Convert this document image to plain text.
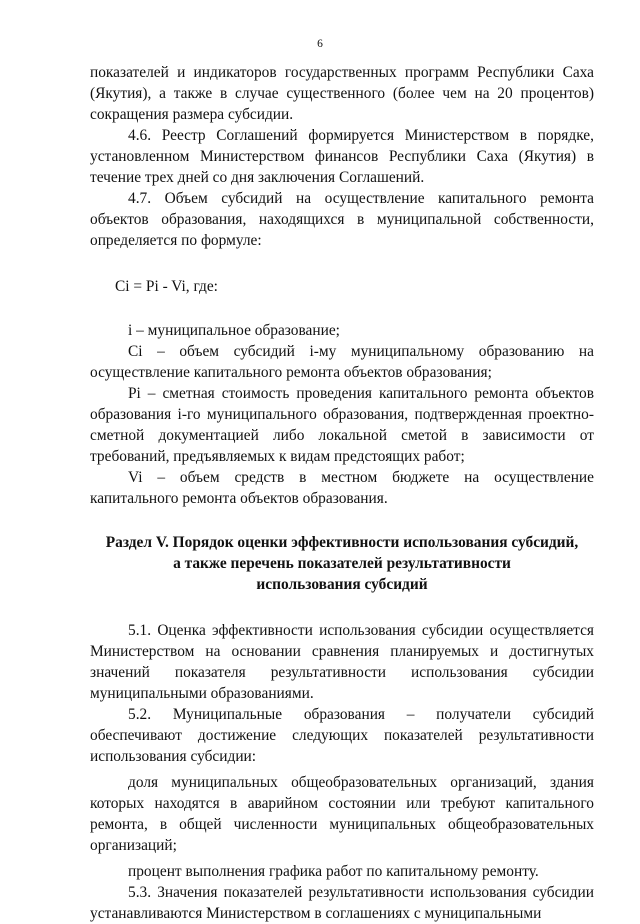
6

показателей и индикаторов государственных программ Республики Саха (Якутия), а также в случае существенного (более чем на 20 процентов) сокращения размера субсидии.

4.6. Реестр Соглашений формируется Министерством в порядке, установленном Министерством финансов Республики Саха (Якутия) в течение трех дней со дня заключения Соглашений.

4.7. Объем субсидий на осуществление капитального ремонта объектов образования, находящихся в муниципальной собственности, определяется по формуле:

Ci = Pi - Vi, где:

i – муниципальное образование;

Ci – объем субсидий i-му муниципальному образованию на осуществление капитального ремонта объектов образования;

Pi – сметная стоимость проведения капитального ремонта объектов образования i-го муниципального образования, подтвержденная проектно-сметной документацией либо локальной сметой в зависимости от требований, предъявляемых к видам предстоящих работ;

Vi – объем средств в местном бюджете на осуществление капитального ремонта объектов образования.

Раздел V. Порядок оценки эффективности использования субсидий,
а также перечень показателей результативности
использования субсидий

5.1. Оценка эффективности использования субсидии осуществляется Министерством на основании сравнения планируемых и достигнутых значений показателя результативности использования субсидии муниципальными образованиями.

5.2. Муниципальные образования – получатели субсидий обеспечивают достижение следующих показателей результативности использования субсидии:

доля муниципальных общеобразовательных организаций, здания которых находятся в аварийном состоянии или требуют капитального ремонта, в общей численности муниципальных общеобразовательных организаций;

процент выполнения графика работ по капитальному ремонту.

5.3. Значения показателей результативности использования субсидии устанавливаются Министерством в соглашениях с муниципальными
